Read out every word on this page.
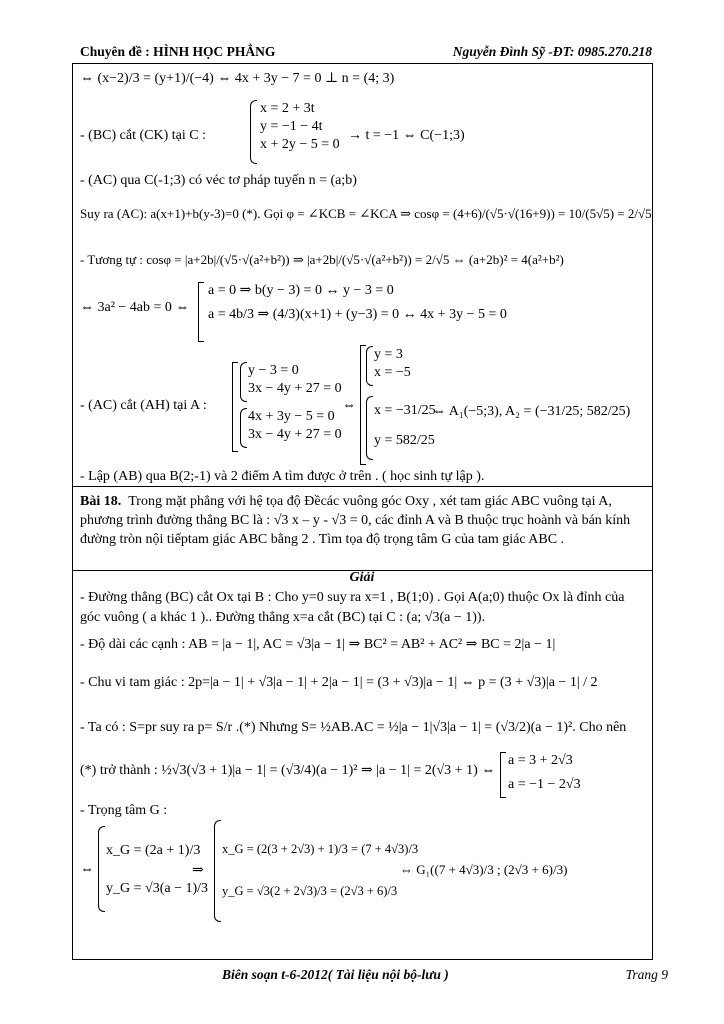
Chuyên đề : HÌNH HỌC PHẲNG	Nguyễn Đình Sỹ -ĐT: 0985.270.218
⇔ (x−2)/3 = (y+1)/(−4) ⇔ 4x + 3y − 7 = 0 ⊥ n = (4; 3)
- (BC) cắt (CK) tại C :
x = 2 + 3t
y = −1 − 4t
x + 2y − 5 = 0
→ t = −1 ⇔ C(−1;3)
- (AC) qua C(-1;3) có véc tơ pháp tuyến n = (a;b)
Suy ra (AC): a(x+1)+b(y-3)=0 (*). Gọi φ = ∠KCB = ∠KCA ⇒ cosφ = (4+6)/(√5·√(16+9)) = 10/(5√5) = 2/√5
- Tương tự : cosφ = |a+2b|/(√5·√(a²+b²)) ⇒ |a+2b|/(√5·√(a²+b²)) = 2/√5 ⇔ (a+2b)² = 4(a²+b²)
⇔ 3a² − 4ab = 0 ⇔
a = 0 ⇒ b(y − 3) = 0 ↔ y − 3 = 0
a = 4b/3 ⇒ (4/3)(x+1) + (y−3) = 0 ↔ 4x + 3y − 5 = 0
- (AC) cắt (AH) tại A :
y − 3 = 0
3x − 4y + 27 = 0
4x + 3y − 5 = 0
3x − 4y + 27 = 0
⇔
y = 3
x = −5
x = −31/25
y = 582/25
⇔ A₁(−5;3), A₂ = (−31/25; 582/25)
- Lập (AB) qua B(2;-1) và 2 điểm A tìm được ở trên . ( học sinh tự lập ).
Bài 18. Trong mặt phẳng với hệ tọa độ Đềcác vuông góc Oxy , xét tam giác ABC vuông tại A, phương trình đường thẳng BC là : √3 x – y - √3 = 0, các đỉnh A và B thuộc trục hoành và bán kính đường tròn nội tiếptam giác ABC bằng 2 . Tìm tọa độ trọng tâm G của tam giác ABC .
Giải
- Đường thẳng (BC) cắt Ox tại B : Cho y=0 suy ra x=1 , B(1;0) . Gọi A(a;0) thuộc Ox là đỉnh của góc vuông ( a khác 1 ).. Đường thẳng x=a cắt (BC) tại C : (a; √3(a − 1)).
- Độ dài các cạnh : AB = |a − 1|, AC = √3|a − 1| ⇒ BC² = AB² + AC² ⇒ BC = 2|a − 1|
- Chu vi tam giác : 2p=|a − 1| + √3|a − 1| + 2|a − 1| = (3 + √3)|a − 1| ⇔ p = (3 + √3)|a − 1| / 2
- Ta có : S=pr suy ra p= S/r .(*) Nhưng S= ½AB.AC = ½|a − 1|√3|a − 1| = (√3/2)(a − 1)². Cho nên
(*) trở thành : ½√3(√3 + 1)|a − 1| = (√3/4)(a − 1)² ⇒ |a − 1| = 2(√3 + 1) ⇔
a = 3 + 2√3
a = −1 − 2√3
- Trọng tâm G :
⇔
x_G = (2a + 1)/3
y_G = √3(a − 1)/3
⇒
x_G = (2(3 + 2√3) + 1)/3 = (7 + 4√3)/3
y_G = √3(2 + 2√3)/3 = (2√3 + 6)/3
⇔ G₁((7 + 4√3)/3 ; (2√3 + 6)/3)
Biên soạn t-6-2012( Tài liệu nội bộ-lưu )	Trang 9
